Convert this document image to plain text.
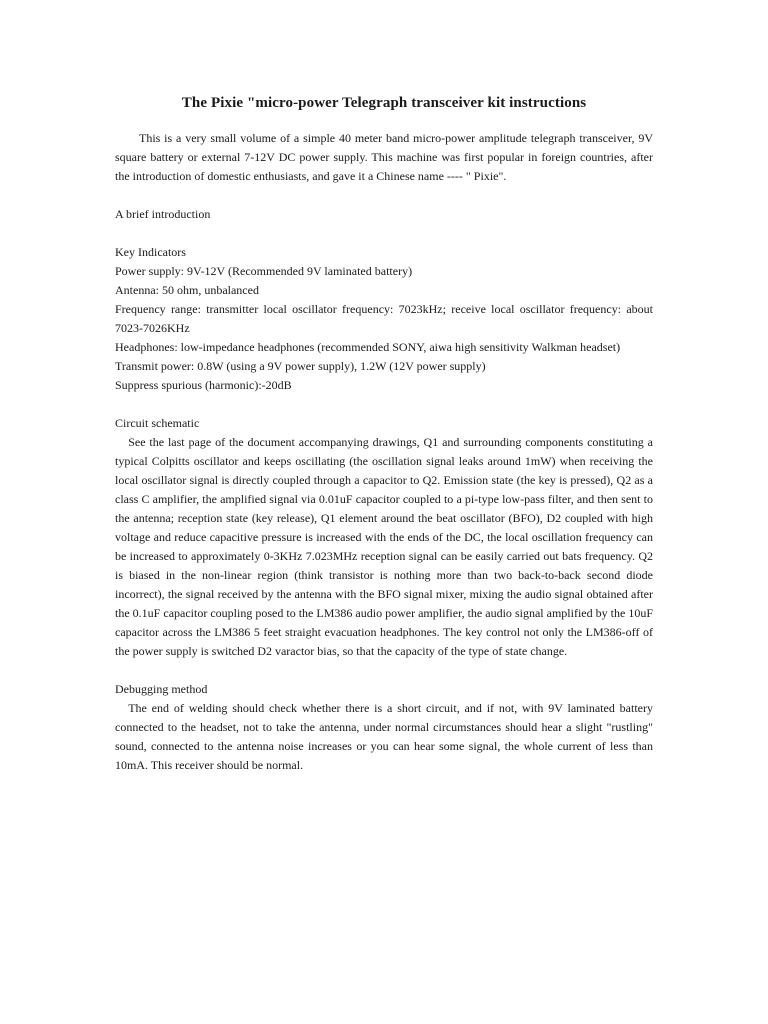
The Pixie "micro-power Telegraph transceiver kit instructions

This is a very small volume of a simple 40 meter band micro-power amplitude telegraph transceiver, 9V square battery or external 7-12V DC power supply. This machine was first popular in foreign countries, after the introduction of domestic enthusiasts, and gave it a Chinese name ---- " Pixie".

A brief introduction

Key Indicators

Power supply: 9V-12V (Recommended 9V laminated battery)

Antenna: 50 ohm, unbalanced

Frequency range: transmitter local oscillator frequency: 7023kHz; receive local oscillator frequency: about 7023-7026KHz

Headphones: low-impedance headphones (recommended SONY, aiwa high sensitivity Walkman headset)

Transmit power: 0.8W (using a 9V power supply), 1.2W (12V power supply)

Suppress spurious (harmonic):-20dB

Circuit schematic

See the last page of the document accompanying drawings, Q1 and surrounding components constituting a typical Colpitts oscillator and keeps oscillating (the oscillation signal leaks around 1mW) when receiving the local oscillator signal is directly coupled through a capacitor to Q2. Emission state (the key is pressed), Q2 as a class C amplifier, the amplified signal via 0.01uF capacitor coupled to a pi-type low-pass filter, and then sent to the antenna; reception state (key release), Q1 element around the beat oscillator (BFO), D2 coupled with high voltage and reduce capacitive pressure is increased with the ends of the DC, the local oscillation frequency can be increased to approximately 0-3KHz 7.023MHz reception signal can be easily carried out bats frequency. Q2 is biased in the non-linear region (think transistor is nothing more than two back-to-back second diode incorrect), the signal received by the antenna with the BFO signal mixer, mixing the audio signal obtained after the 0.1uF capacitor coupling posed to the LM386 audio power amplifier, the audio signal amplified by the 10uF capacitor across the LM386 5 feet straight evacuation headphones. The key control not only the LM386-off of the power supply is switched D2 varactor bias, so that the capacity of the type of state change.

Debugging method

The end of welding should check whether there is a short circuit, and if not, with 9V laminated battery connected to the headset, not to take the antenna, under normal circumstances should hear a slight "rustling" sound, connected to the antenna noise increases or you can hear some signal, the whole current of less than 10mA. This receiver should be normal.
